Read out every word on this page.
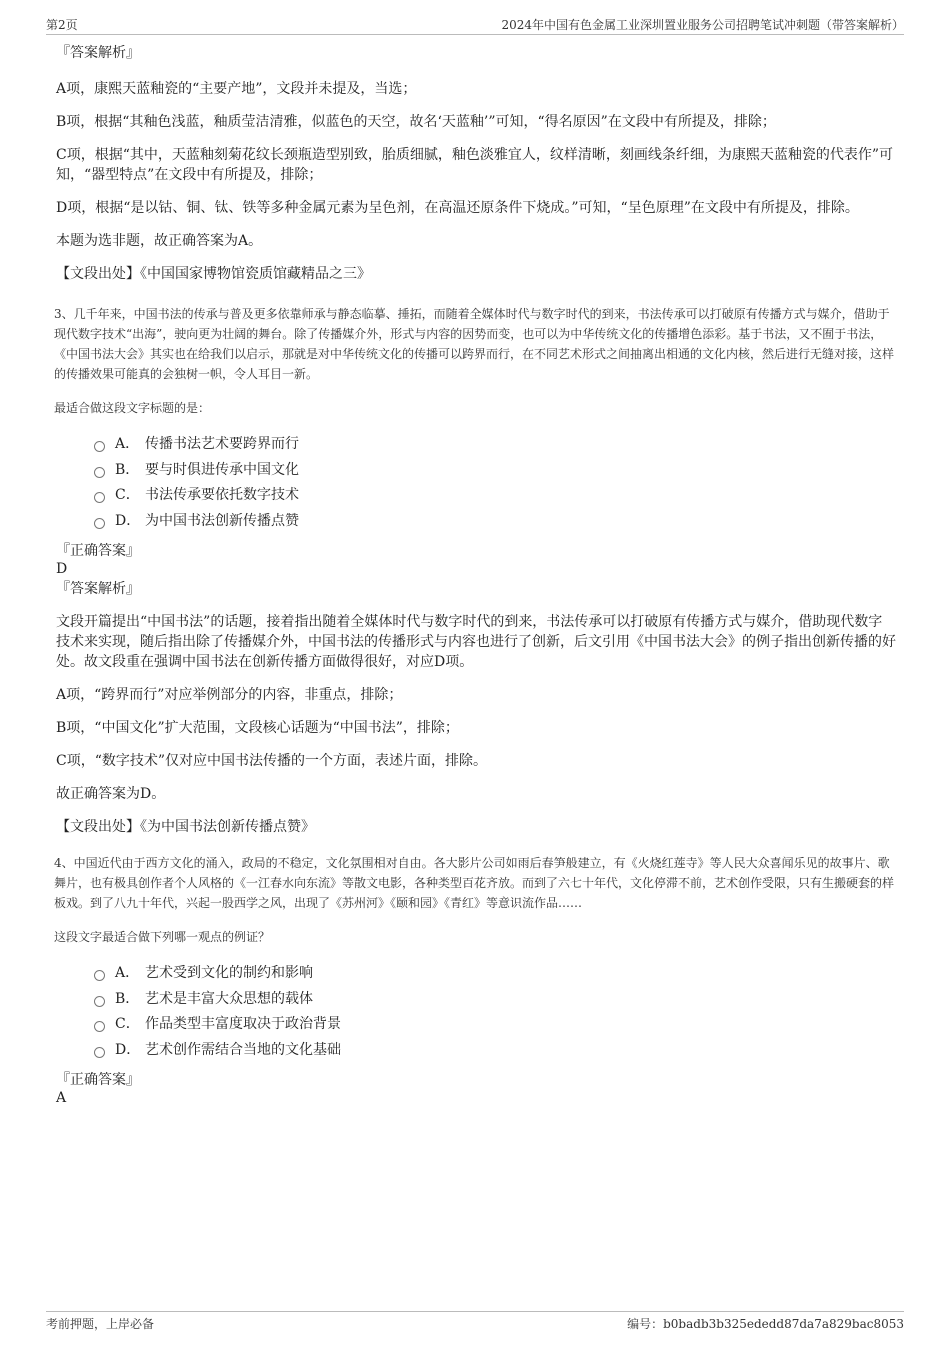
第2页	2024年中国有色金属工业深圳置业服务公司招聘笔试冲刺题（带答案解析）

『答案解析』

A项，康熙天蓝釉瓷的“主要产地”，文段并未提及，当选；

B项，根据“其釉色浅蓝，釉质莹洁清雅，似蓝色的天空，故名‘天蓝釉’”可知，“得名原因”在文段中有所提及，排除；

C项，根据“其中，天蓝釉刻菊花纹长颈瓶造型别致，胎质细腻，釉色淡雅宜人，纹样清晰，刻画线条纤细，为康熙天蓝釉瓷的代表作”可知，“器型特点”在文段中有所提及，排除；

D项，根据“是以钴、铜、钛、铁等多种金属元素为呈色剂，在高温还原条件下烧成。”可知，“呈色原理”在文段中有所提及，排除。

本题为选非题，故正确答案为A。

【文段出处】《中国国家博物馆瓷质馆藏精品之三》

3、几千年来，中国书法的传承与普及更多依靠师承与静态临摹、捶拓，而随着全媒体时代与数字时代的到来，书法传承可以打破原有传播方式与媒介，借助于现代数字技术“出海”，驶向更为壮阔的舞台。除了传播媒介外，形式与内容的因势而变，也可以为中华传统文化的传播增色添彩。基于书法，又不囿于书法，《中国书法大会》其实也在给我们以启示，那就是对中华传统文化的传播可以跨界而行，在不同艺术形式之间抽离出相通的文化内核，然后进行无缝对接，这样的传播效果可能真的会独树一帜，令人耳目一新。

最适合做这段文字标题的是：

A． 传播书法艺术要跨界而行
B． 要与时俱进传承中国文化
C． 书法传承要依托数字技术
D． 为中国书法创新传播点赞

『正确答案』

D

『答案解析』

文段开篇提出“中国书法”的话题，接着指出随着全媒体时代与数字时代的到来，书法传承可以打破原有传播方式与媒介，借助现代数字技术来实现，随后指出除了传播媒介外，中国书法的传播形式与内容也进行了创新，后文引用《中国书法大会》的例子指出创新传播的好处。故文段重在强调中国书法在创新传播方面做得很好，对应D项。

A项，“跨界而行”对应举例部分的内容，非重点，排除；

B项，“中国文化”扩大范围，文段核心话题为“中国书法”，排除；

C项，“数字技术”仅对应中国书法传播的一个方面，表述片面，排除。

故正确答案为D。

【文段出处】《为中国书法创新传播点赞》

4、中国近代由于西方文化的涌入，政局的不稳定，文化氛围相对自由。各大影片公司如雨后春笋般建立，有《火烧红莲寺》等人民大众喜闻乐见的故事片、歌舞片，也有极具创作者个人风格的《一江春水向东流》等散文电影，各种类型百花齐放。而到了六七十年代，文化停滞不前，艺术创作受限，只有生搬硬套的样板戏。到了八九十年代，兴起一股西学之风，出现了《苏州河》《颐和园》《青红》等意识流作品……

这段文字最适合做下列哪一观点的例证？

A． 艺术受到文化的制约和影响
B． 艺术是丰富大众思想的载体
C． 作品类型丰富度取决于政治背景
D． 艺术创作需结合当地的文化基础

『正确答案』

A

考前押题，上岸必备	编号：b0badb3b325ededd87da7a829bac8053
